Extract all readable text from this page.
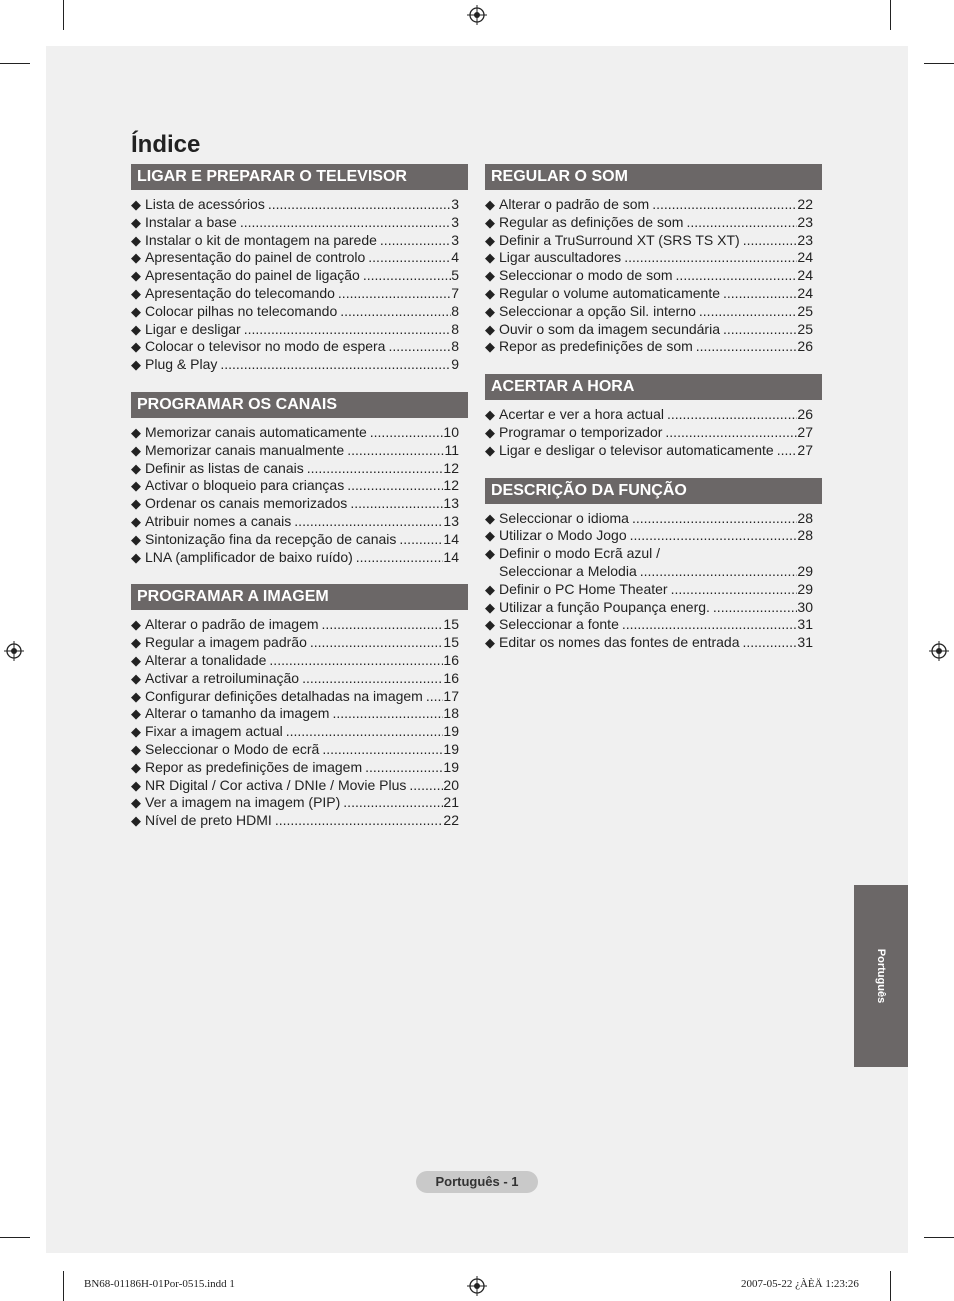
Índice
LIGAR E PREPARAR O TELEVISOR
◆ Lista de acessórios .....	3
◆ Instalar a base .....	3
◆ Instalar o kit de montagem na parede .....	3
◆ Apresentação do painel de controlo .....	4
◆ Apresentação do painel de ligação .....	5
◆ Apresentação do telecomando .....	7
◆ Colocar pilhas no telecomando .....	8
◆ Ligar e desligar .....	8
◆ Colocar o televisor no modo de espera .....	8
◆ Plug & Play .....	9
PROGRAMAR OS CANAIS
◆ Memorizar canais automaticamente .....	10
◆ Memorizar canais manualmente .....	11
◆ Definir as listas de canais .....	12
◆ Activar o bloqueio para crianças .....	12
◆ Ordenar os canais memorizados .....	13
◆ Atribuir nomes a canais .....	13
◆ Sintonização fina da recepção de canais .....	14
◆ LNA (amplificador de baixo ruído) .....	14
PROGRAMAR A IMAGEM
◆ Alterar o padrão de imagem .....	15
◆ Regular a imagem padrão .....	15
◆ Alterar a tonalidade .....	16
◆ Activar a retroiluminação .....	16
◆ Configurar definições detalhadas na imagem ..... 17
◆ Alterar o tamanho da imagem .....	18
◆ Fixar a imagem actual .....	19
◆ Seleccionar o Modo de ecrã .....	19
◆ Repor as predefinições de imagem .....	19
◆ NR Digital / Cor activa / DNIe / Movie Plus .....	20
◆ Ver a imagem na imagem (PIP) .....	21
◆ Nível de preto HDMI .....	22
REGULAR O SOM
◆ Alterar o padrão de som .....	22
◆ Regular as definições de som .....	23
◆ Definir a TruSurround XT (SRS TS XT) .....	23
◆ Ligar auscultadores .....	24
◆ Seleccionar o modo de som .....	24
◆ Regular o volume automaticamente .....	24
◆ Seleccionar a opção Sil. interno .....	25
◆ Ouvir o som da imagem secundária .....	25
◆ Repor as predefinições de som .....	26
ACERTAR A HORA
◆ Acertar e ver a hora actual .....	26
◆ Programar o temporizador .....	27
◆ Ligar e desligar o televisor automaticamente ..... 27
DESCRIÇÃO DA FUNÇÃO
◆ Seleccionar o idioma .....	28
◆ Utilizar o Modo Jogo .....	28
◆ Definir o modo Ecrã azul /
Seleccionar a Melodia .....	29
◆ Definir o PC Home Theater .....	29
◆ Utilizar a função Poupança energ. .....	30
◆ Seleccionar a fonte .....	31
◆ Editar os nomes das fontes de entrada .....	31
Português
Português - 1
BN68-01186H-01Por-0515.indd 1	2007-05-22 ¿ÀÈÄ 1:23:26
